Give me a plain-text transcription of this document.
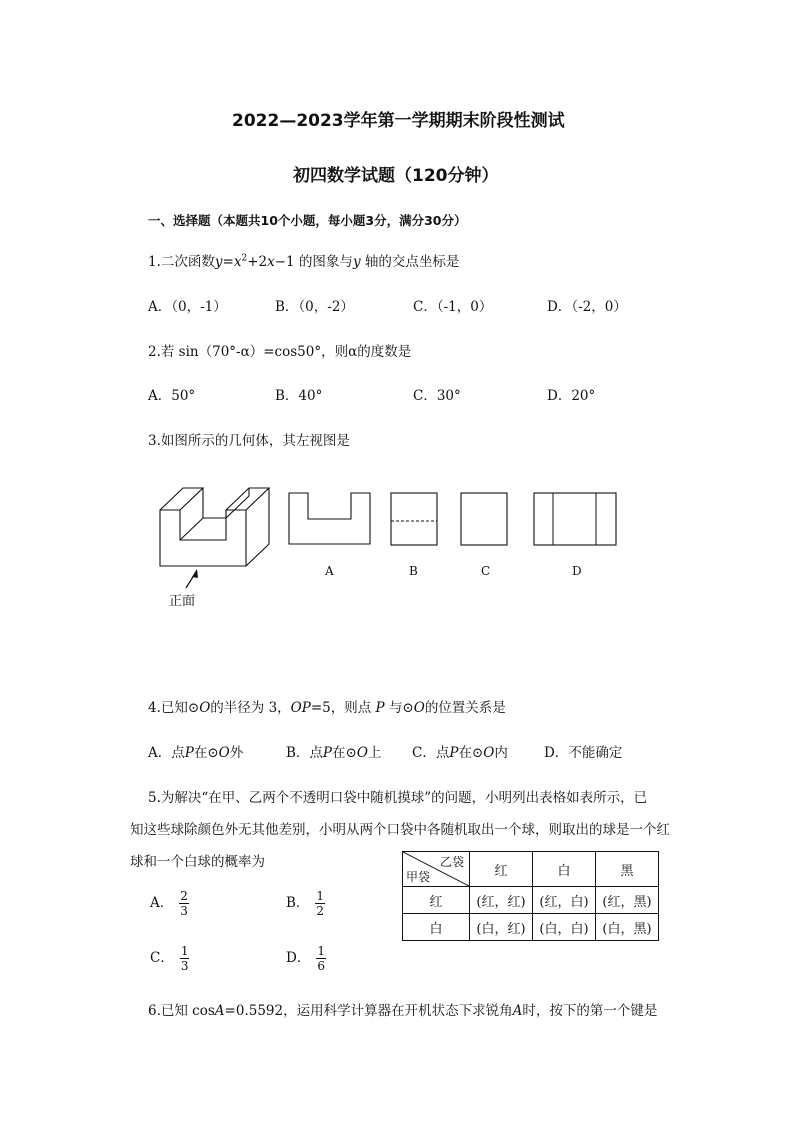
2022—2023学年第一学期期末阶段性测试
初四数学试题（120分钟）
一、选择题（本题共10个小题，每小题3分，满分30分）
1.二次函数$y=x^2+2x-1$ 的图象与y 轴的交点坐标是
A．（0，-1）	B．（0，-2）	C．（-1，0）	D．（-2，0）
2.若 sin（70°-α）=cos50°，则α的度数是
A．50°	B．40°	C．30°	D．20°
3.如图所示的几何体，其左视图是
正面
A	B	C	D
4.已知⊙O的半径为 3，OP=5，则点 P 与⊙O的位置关系是
A．点P在⊙O外	B．点P在⊙O上 C．点P在⊙O内	D．不能确定
5.为解决“在甲、乙两个不透明口袋中随机摸球”的问题，小明列出表格如表所示，已
知这些球除颜色外无其他差别，小明从两个口袋中各随机取出一个球，则取出的球是一个红
球和一个白球的概率为
A． $\frac{2}{3}$	B． $\frac{1}{2}$
C． $\frac{1}{3}$	D． $\frac{1}{6}$
乙袋
甲袋	红	白	黑
红	(红，红)	(红，白)	(红，黑)
白	(白，红)	(白，白)	(白，黑)
6.已知 cosA=0.5592，运用科学计算器在开机状态下求锐角A时，按下的第一个键是
